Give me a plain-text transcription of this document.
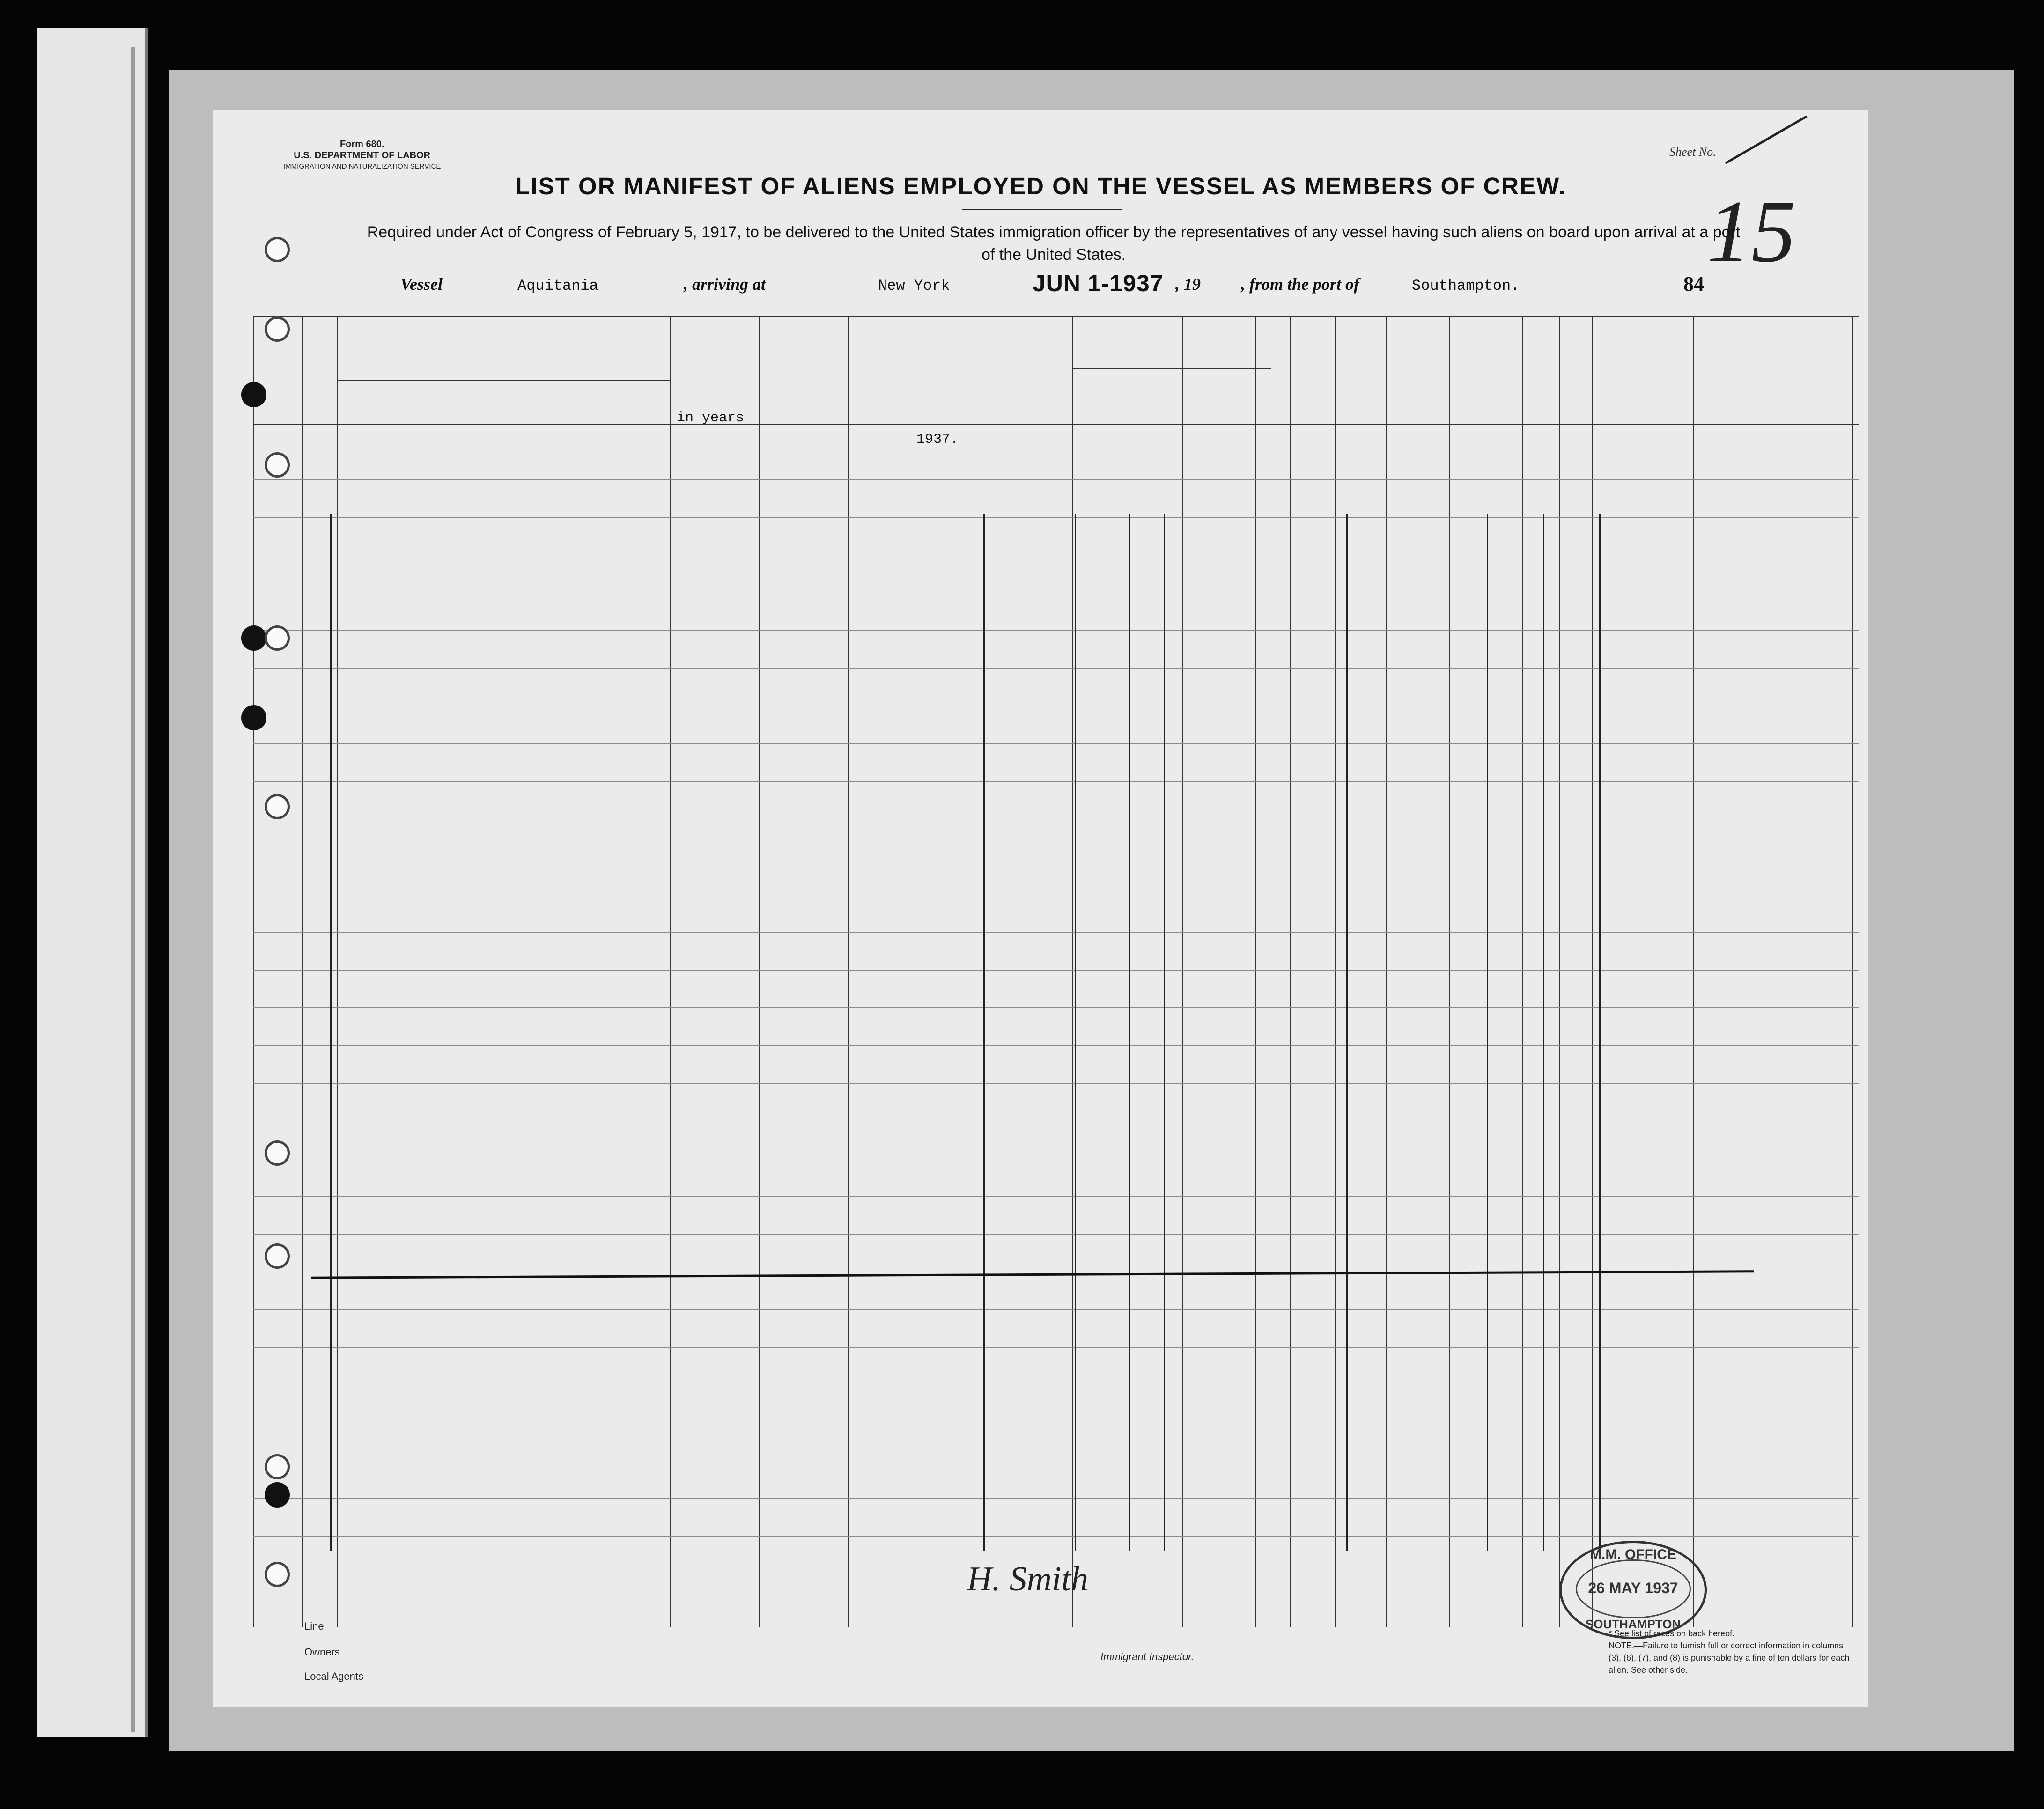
Form 680.
U.S. DEPARTMENT OF LABOR
IMMIGRATION AND NATURALIZATION SERVICE
Sheet No.
15
LIST OR MANIFEST OF ALIENS EMPLOYED ON THE VESSEL AS MEMBERS OF CREW.
Required under Act of Congress of February 5, 1917, to be delivered to the United States immigration officer by the representatives of any vessel having such aliens on board upon arrival at a port of the United States.
Vessel	Aquitania	, arriving at	New York	JUN 1-1937 , 19 , from the port of	Southampton.	84
1937.
in years
Line
Owners
Local Agents
Immigrant Inspector.
H. Smith
M.M. OFFICE
26 MAY 1937
SOUTHAMPTON
* See list of races on back hereof.
NOTE.—Failure to furnish full or correct information in columns (3), (6), (7), and (8) is punishable by a fine of ten dollars for each alien. See other side.
